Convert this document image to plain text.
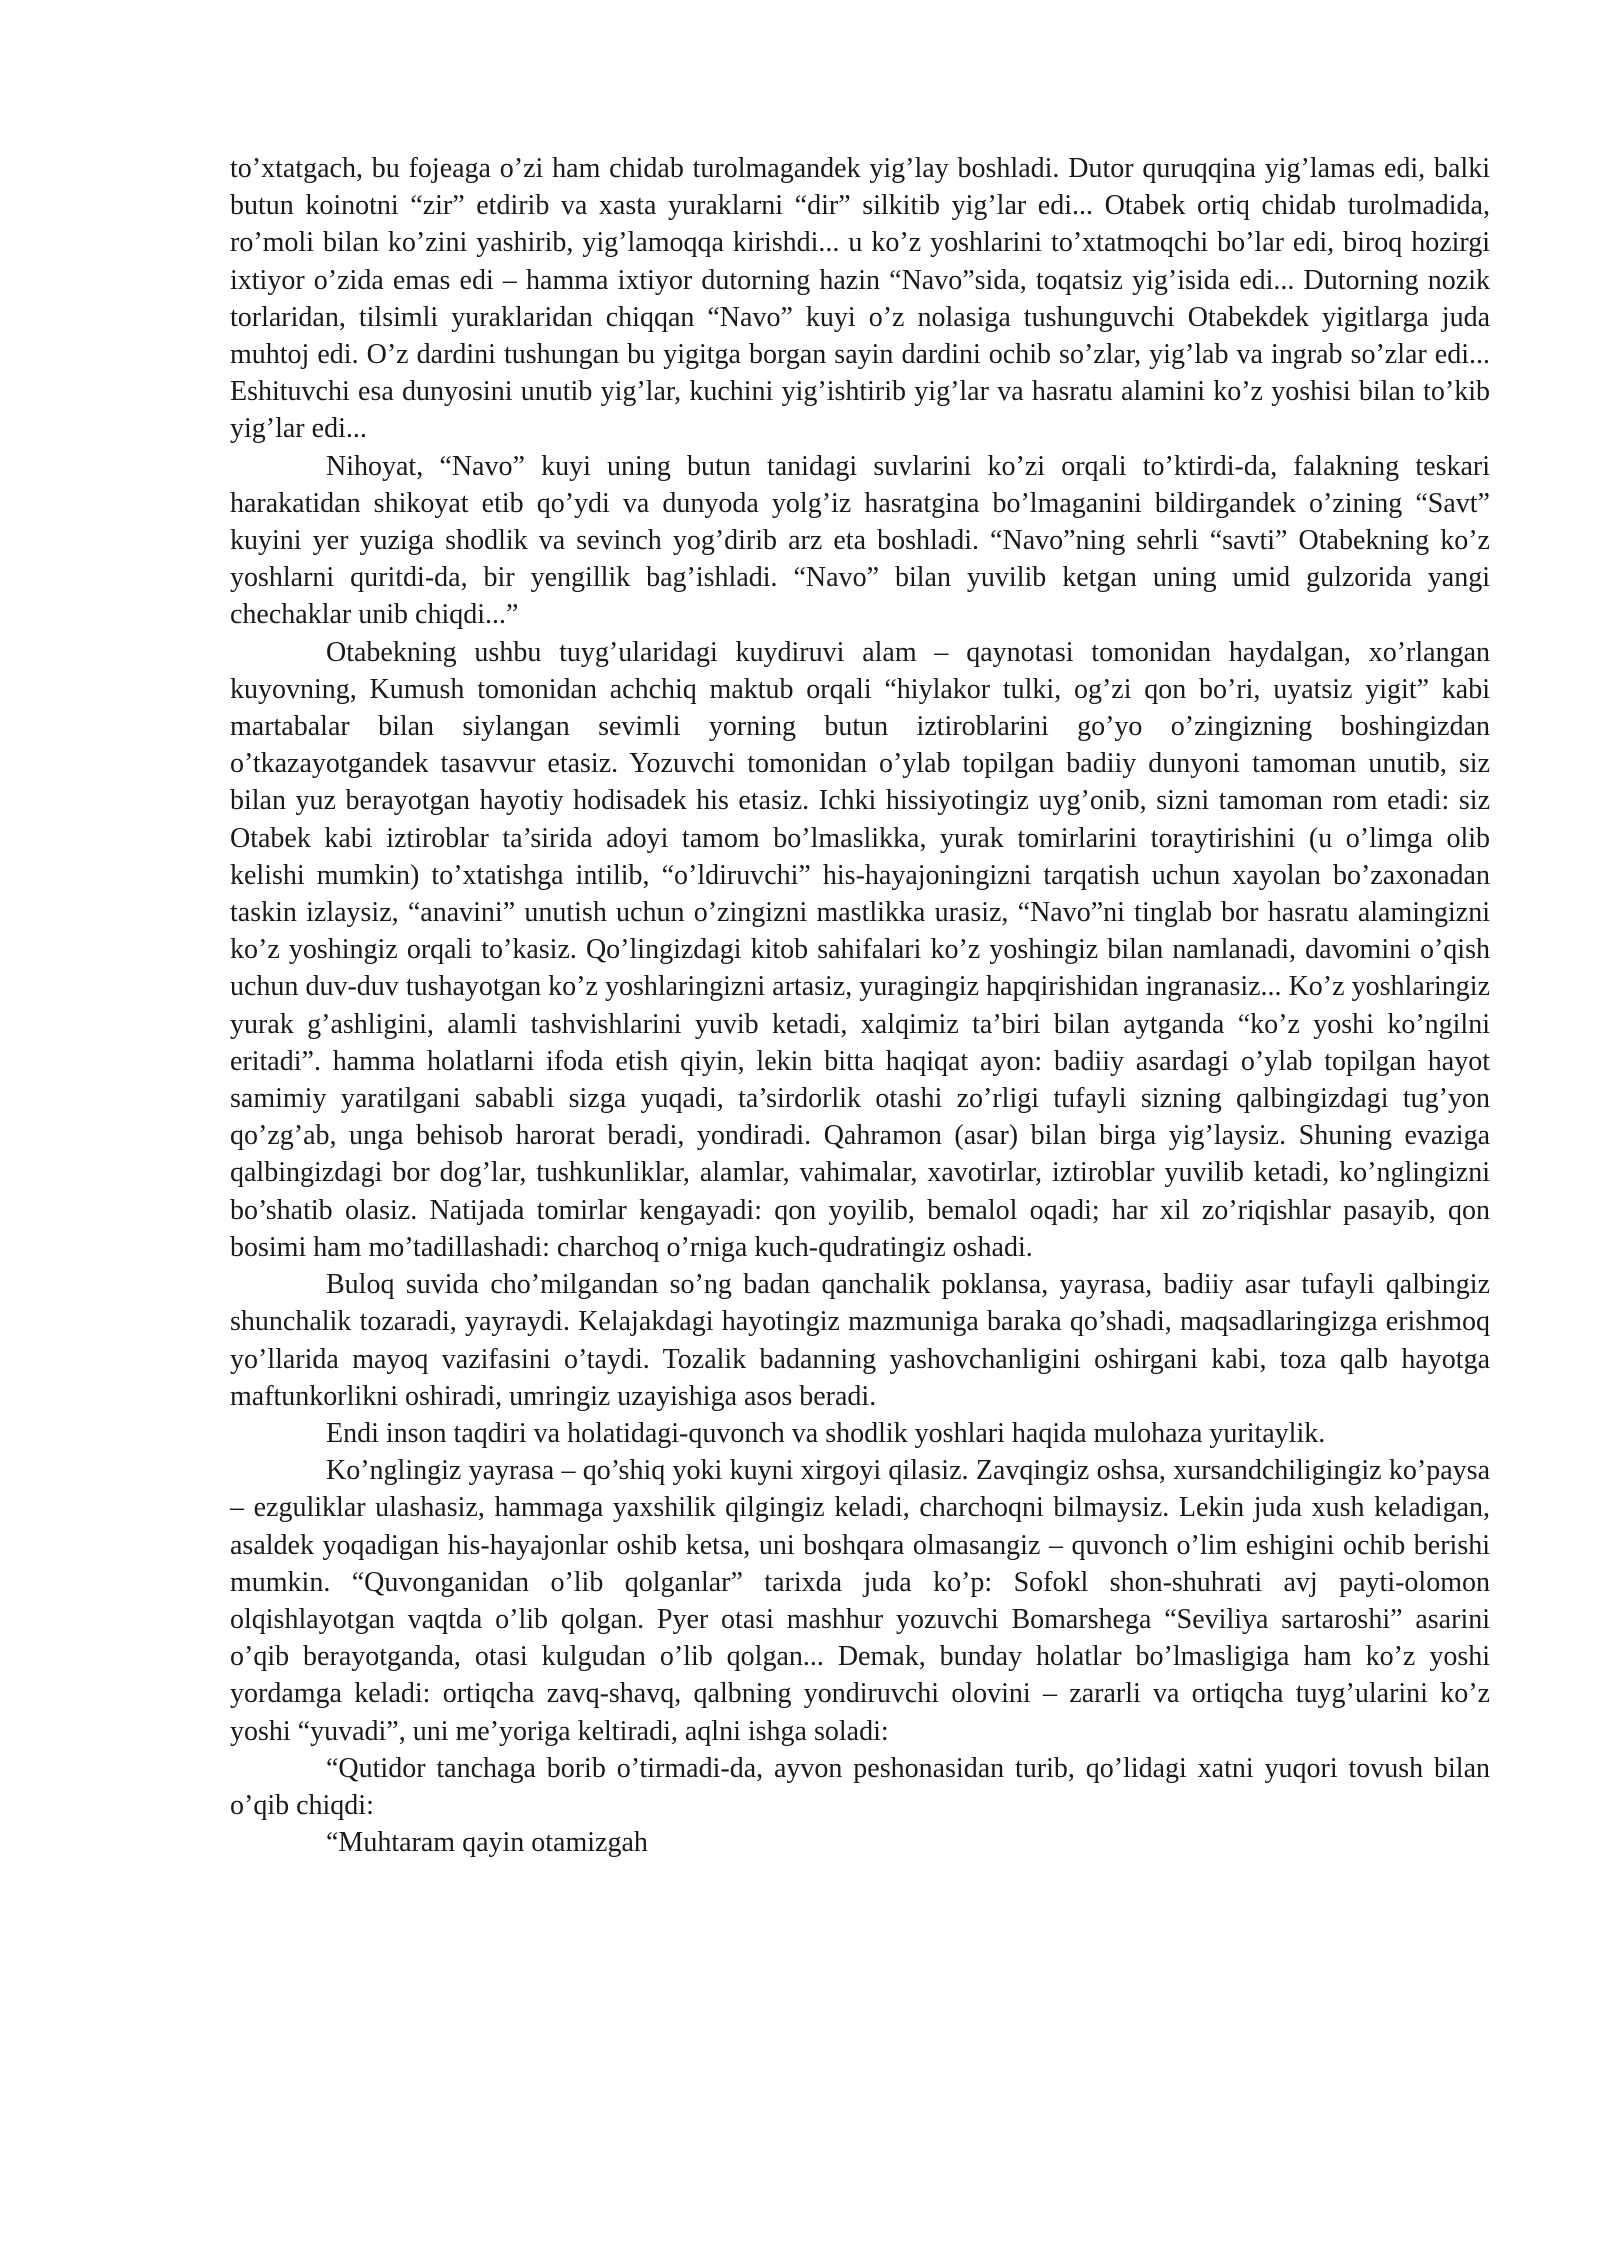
to’xtatgach, bu fojeaga o’zi ham chidab turolmagandek yig’lay boshladi. Dutor quruqqina yig’lamas edi, balki butun koinotni “zir” etdirib va xasta yuraklarni “dir” silkitib yig’lar edi... Otabek ortiq chidab turolmadida, ro’moli bilan ko’zini yashirib, yig’lamoqqa kirishdi... u ko’z yoshlarini to’xtatmoqchi bo’lar edi, biroq hozirgi ixtiyor o’zida emas edi – hamma ixtiyor dutorning hazin “Navo”sida, toqatsiz yig’isida edi... Dutorning nozik torlaridan, tilsimli yuraklaridan chiqqan “Navo” kuyi o’z nolasiga tushunguvchi Otabekdek yigitlarga juda muhtoj edi. O’z dardini tushungan bu yigitga borgan sayin dardini ochib so’zlar, yig’lab va ingrab so’zlar edi... Eshituvchi esa dunyosini unutib yig’lar, kuchini yig’ishtirib yig’lar va hasratu alamini ko’z yoshisi bilan to’kib yig’lar edi...

Nihoyat, “Navo” kuyi uning butun tanidagi suvlarini ko’zi orqali to’ktirdi-da, falakning teskari harakatidan shikoyat etib qo’ydi va dunyoda yolg’iz hasratgina bo’lmaganini bildirgandek o’zining “Savt” kuyini yer yuziga shodlik va sevinch yog’dirib arz eta boshladi. “Navo”ning sehrli “savti” Otabekning ko’z yoshlarni quritdi-da, bir yengillik bag’ishladi. “Navo” bilan yuvilib ketgan uning umid gulzorida yangi chechaklar unib chiqdi...”

Otabekning ushbu tuyg’ularidagi kuydiruvi alam – qaynotasi tomonidan haydalgan, xo’rlangan kuyovning, Kumush tomonidan achchiq maktub orqali “hiylakor tulki, og’zi qon bo’ri, uyatsiz yigit” kabi martabalar bilan siylangan sevimli yorning butun iztiroblarini go’yo o’zingizning boshingizdan o’tkazayotgandek tasavvur etasiz. Yozuvchi tomonidan o’ylab topilgan badiiy dunyoni tamoman unutib, siz bilan yuz berayotgan hayotiy hodisadek his etasiz. Ichki hissiyotingiz uyg’onib, sizni tamoman rom etadi: siz Otabek kabi iztiroblar ta’sirida adoyi tamom bo’lmaslikka, yurak tomirlarini toraytirishini (u o’limga olib kelishi mumkin) to’xtatishga intilib, “o’ldiruvchi” his-hayajoningizni tarqatish uchun xayolan bo’zaxonadan taskin izlaysiz, “anavini” unutish uchun o’zingizni mastlikka urasiz, “Navo”ni tinglab bor hasratu alamingizni ko’z yoshingiz orqali to’kasiz. Qo’lingizdagi kitob sahifalari ko’z yoshingiz bilan namlanadi, davomini o’qish uchun duv-duv tushayotgan ko’z yoshlaringizni artasiz, yuragingiz hapqirishidan ingranasiz... Ko’z yoshlaringiz yurak g’ashligini, alamli tashvishlarini yuvib ketadi, xalqimiz ta’biri bilan aytganda “ko’z yoshi ko’ngilni eritadi”. hamma holatlarni ifoda etish qiyin, lekin bitta haqiqat ayon: badiiy asardagi o’ylab topilgan hayot samimiy yaratilgani sababli sizga yuqadi, ta’sirdorlik otashi zo’rligi tufayli sizning qalbingizdagi tug’yon qo’zg’ab, unga behisob harorat beradi, yondiradi. Qahramon (asar) bilan birga yig’laysiz. Shuning evaziga qalbingizdagi bor dog’lar, tushkunliklar, alamlar, vahimalar, xavotirlar, iztiroblar yuvilib ketadi, ko’nglingizni bo’shatib olasiz. Natijada tomirlar kengayadi: qon yoyilib, bemalol oqadi; har xil zo’riqishlar pasayib, qon bosimi ham mo’tadillashadi: charchoq o’rniga kuch-qudratingiz oshadi.

Buloq suvida cho’milgandan so’ng badan qanchalik poklansa, yayrasa, badiiy asar tufayli qalbingiz shunchalik tozaradi, yayraydi. Kelajakdagi hayotingiz mazmuniga baraka qo’shadi, maqsadlaringizga erishmoq yo’llarida mayoq vazifasini o’taydi. Tozalik badanning yashovchanligini oshirgani kabi, toza qalb hayotga maftunkorlikni oshiradi, umringiz uzayishiga asos beradi.

Endi inson taqdiri va holatidagi-quvonch va shodlik yoshlari haqida mulohaza yuritaylik.

Ko’nglingiz yayrasa – qo’shiq yoki kuyni xirgoyi qilasiz. Zavqingiz oshsa, xursandchiligingiz ko’paysa – ezguliklar ulashasiz, hammaga yaxshilik qilgingiz keladi, charchoqni bilmaysiz. Lekin juda xush keladigan, asaldek yoqadigan his-hayajonlar oshib ketsa, uni boshqara olmasangiz – quvonch o’lim eshigini ochib berishi mumkin. “Quvonganidan o’lib qolganlar” tarixda juda ko’p: Sofokl shon-shuhrati avj payti-olomon olqishlayotgan vaqtda o’lib qolgan. Pyer otasi mashhur yozuvchi Bomarshega “Seviliya sartaroshi” asarini o’qib berayotganda, otasi kulgudan o’lib qolgan... Demak, bunday holatlar bo’lmasligiga ham ko’z yoshi yordamga keladi: ortiqcha zavq-shavq, qalbning yondiruvchi olovini – zararli va ortiqcha tuyg’ularini ko’z yoshi “yuvadi”, uni me’yoriga keltiradi, aqlni ishga soladi:

“Qutidor tanchaga borib o’tirmadi-da, ayvon peshonasidan turib, qo’lidagi xatni yuqori tovush bilan o’qib chiqdi:

“Muhtaram qayin otamizgah
